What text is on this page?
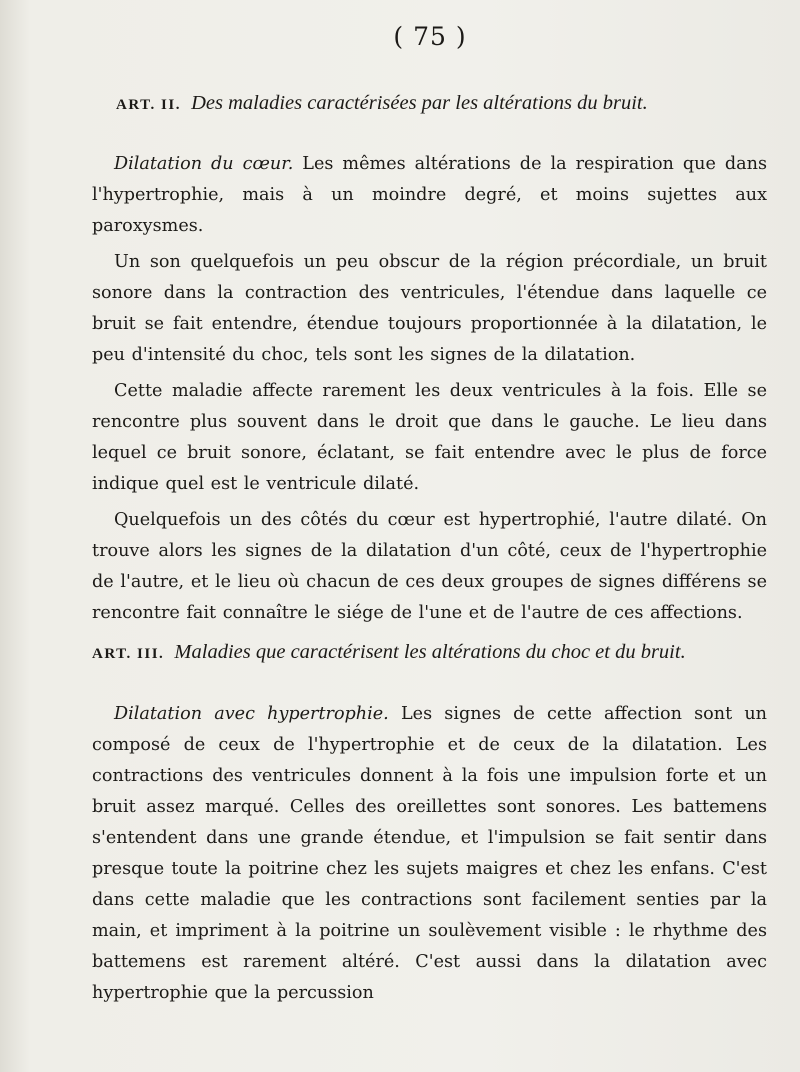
( 75 )
ART. II. Des maladies caractérisées par les altérations du bruit.

Dilatation du cœur. Les mêmes altérations de la respiration que dans l'hypertrophie, mais à un moindre degré, et moins sujettes aux paroxysmes.

Un son quelquefois un peu obscur de la région précordiale, un bruit sonore dans la contraction des ventricules, l'étendue dans laquelle ce bruit se fait entendre, étendue toujours proportionnée à la dilatation, le peu d'intensité du choc, tels sont les signes de la dilatation.

Cette maladie affecte rarement les deux ventricules à la fois. Elle se rencontre plus souvent dans le droit que dans le gauche. Le lieu dans lequel ce bruit sonore, éclatant, se fait entendre avec le plus de force indique quel est le ventricule dilaté.

Quelquefois un des côtés du cœur est hypertrophié, l'autre dilaté. On trouve alors les signes de la dilatation d'un côté, ceux de l'hypertrophie de l'autre, et le lieu où chacun de ces deux groupes de signes différens se rencontre fait connaître le siége de l'une et de l'autre de ces affections.

ART. III. Maladies que caractérisent les altérations du choc et du bruit.

Dilatation avec hypertrophie. Les signes de cette affection sont un composé de ceux de l'hypertrophie et de ceux de la dilatation. Les contractions des ventricules donnent à la fois une impulsion forte et un bruit assez marqué. Celles des oreillettes sont sonores. Les battemens s'entendent dans une grande étendue, et l'impulsion se fait sentir dans presque toute la poitrine chez les sujets maigres et chez les enfans. C'est dans cette maladie que les contractions sont facilement senties par la main, et impriment à la poitrine un soulèvement visible : le rhythme des battemens est rarement altéré. C'est aussi dans la dilatation avec hypertrophie que la percussion
